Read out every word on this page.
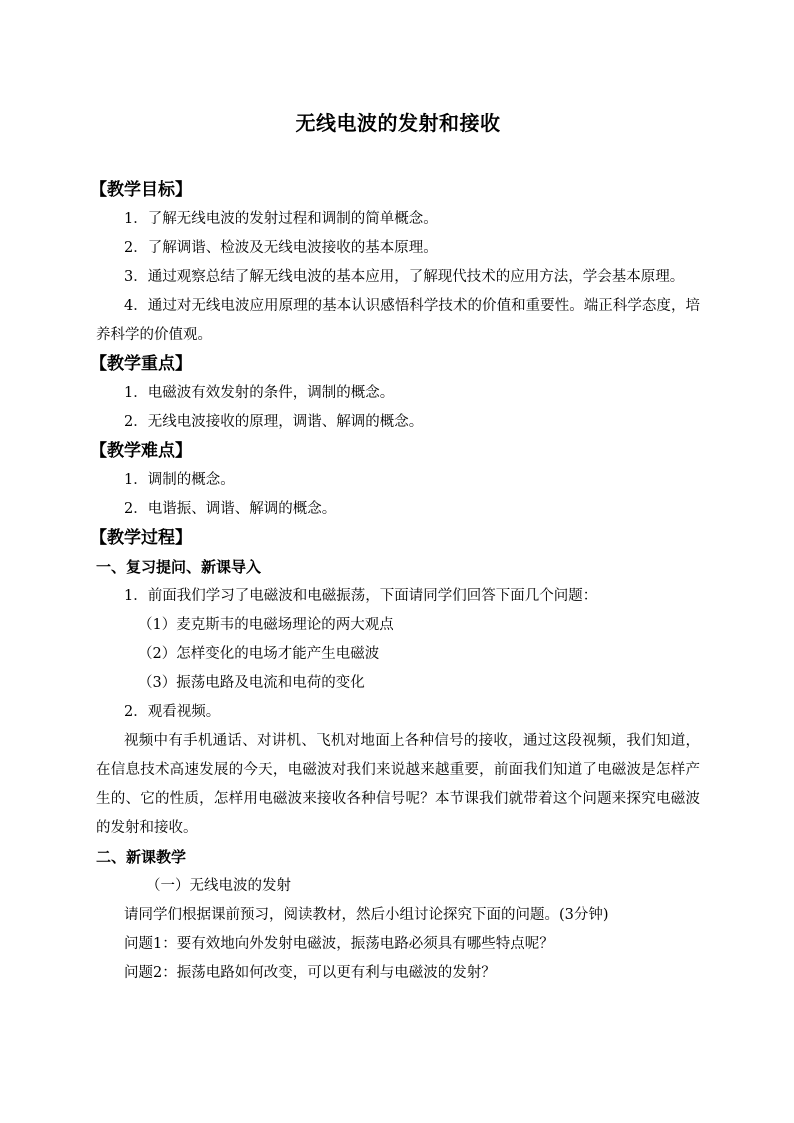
无线电波的发射和接收
【教学目标】
1．了解无线电波的发射过程和调制的简单概念。
2．了解调谐、检波及无线电波接收的基本原理。
3．通过观察总结了解无线电波的基本应用，了解现代技术的应用方法，学会基本原理。
4．通过对无线电波应用原理的基本认识感悟科学技术的价值和重要性。端正科学态度，培养科学的价值观。
【教学重点】
1．电磁波有效发射的条件，调制的概念。
2．无线电波接收的原理，调谐、解调的概念。
【教学难点】
1．调制的概念。
2．电谐振、调谐、解调的概念。
【教学过程】
一、复习提问、新课导入
1．前面我们学习了电磁波和电磁振荡，下面请同学们回答下面几个问题：
（1）麦克斯韦的电磁场理论的两大观点
（2）怎样变化的电场才能产生电磁波
（3）振荡电路及电流和电荷的变化
2．观看视频。
视频中有手机通话、对讲机、飞机对地面上各种信号的接收，通过这段视频，我们知道，在信息技术高速发展的今天，电磁波对我们来说越来越重要，前面我们知道了电磁波是怎样产生的、它的性质，怎样用电磁波来接收各种信号呢？本节课我们就带着这个问题来探究电磁波的发射和接收。
二、新课教学
（一）无线电波的发射
请同学们根据课前预习，阅读教材，然后小组讨论探究下面的问题。(3分钟)
问题1：要有效地向外发射电磁波，振荡电路必须具有哪些特点呢？
问题2：振荡电路如何改变，可以更有利与电磁波的发射？
